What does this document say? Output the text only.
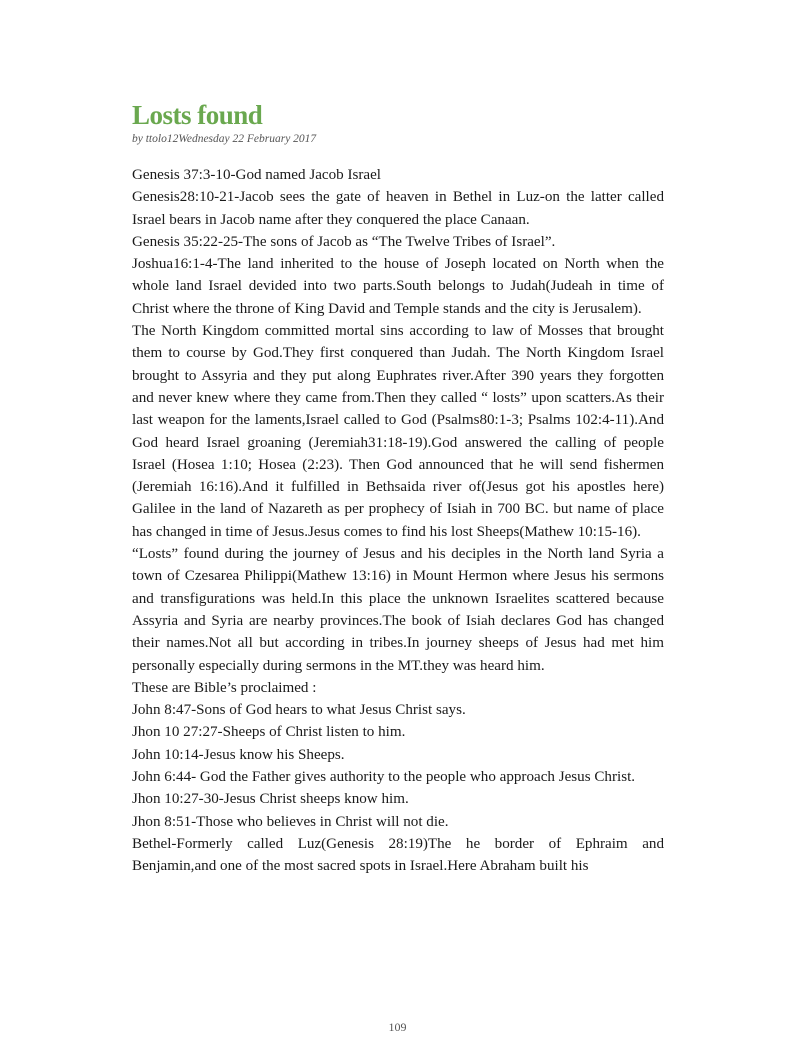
Losts found
by ttolo12Wednesday 22 February 2017

Genesis 37:3-10-God named Jacob Israel

Genesis28:10-21-Jacob sees the gate of heaven in Bethel in Luz-on the latter called Israel bears in Jacob name after they conquered the place Canaan.

Genesis 35:22-25-The sons of Jacob as “The Twelve Tribes of Israel”.

Joshua16:1-4-The land inherited to the house of Joseph located on North when the whole land Israel devided into two parts.South belongs to Judah(Judeah in time of Christ where the throne of King David and Temple stands and the city is Jerusalem).

The North Kingdom committed mortal sins according to law of Mosses that brought them to course by God.They first conquered than Judah. The North Kingdom Israel brought to Assyria and they put along Euphrates river.After 390 years they forgotten and never knew where they came from.Then they called “ losts” upon scatters.As their last weapon for the laments,Israel called to God (Psalms80:1-3; Psalms 102:4-11).And God heard Israel groaning (Jeremiah31:18-19).God answered the calling of people Israel (Hosea 1:10; Hosea (2:23). Then God announced that he will send fishermen (Jeremiah 16:16).And it fulfilled in Bethsaida river of(Jesus got his apostles here) Galilee in the land of Nazareth as per prophecy of Isiah in 700 BC. but name of place has changed in time of Jesus.Jesus comes to find his lost Sheeps(Mathew 10:15-16).

“Losts” found during the journey of Jesus and his deciples in the North land Syria a town of Czesarea Philippi(Mathew 13:16) in Mount Hermon where Jesus his sermons and transfigurations was held.In this place the unknown Israelites scattered because Assyria and Syria are nearby provinces.The book of Isiah declares God has changed their names.Not all but according in tribes.In journey sheeps of Jesus had met him personally especially during sermons in the MT.they was heard him.

These are Bible’s proclaimed :

John 8:47-Sons of God hears to what Jesus Christ says.

Jhon 10 27:27-Sheeps of Christ listen to him.

John 10:14-Jesus know his Sheeps.

John 6:44- God the Father gives authority to the people who approach Jesus Christ.

Jhon 10:27-30-Jesus Christ sheeps know him.

Jhon 8:51-Those who believes in Christ will not die.

Bethel-Formerly called Luz(Genesis 28:19)The he border of Ephraim and Benjamin,and one of the most sacred spots in Israel.Here Abraham built his

109
